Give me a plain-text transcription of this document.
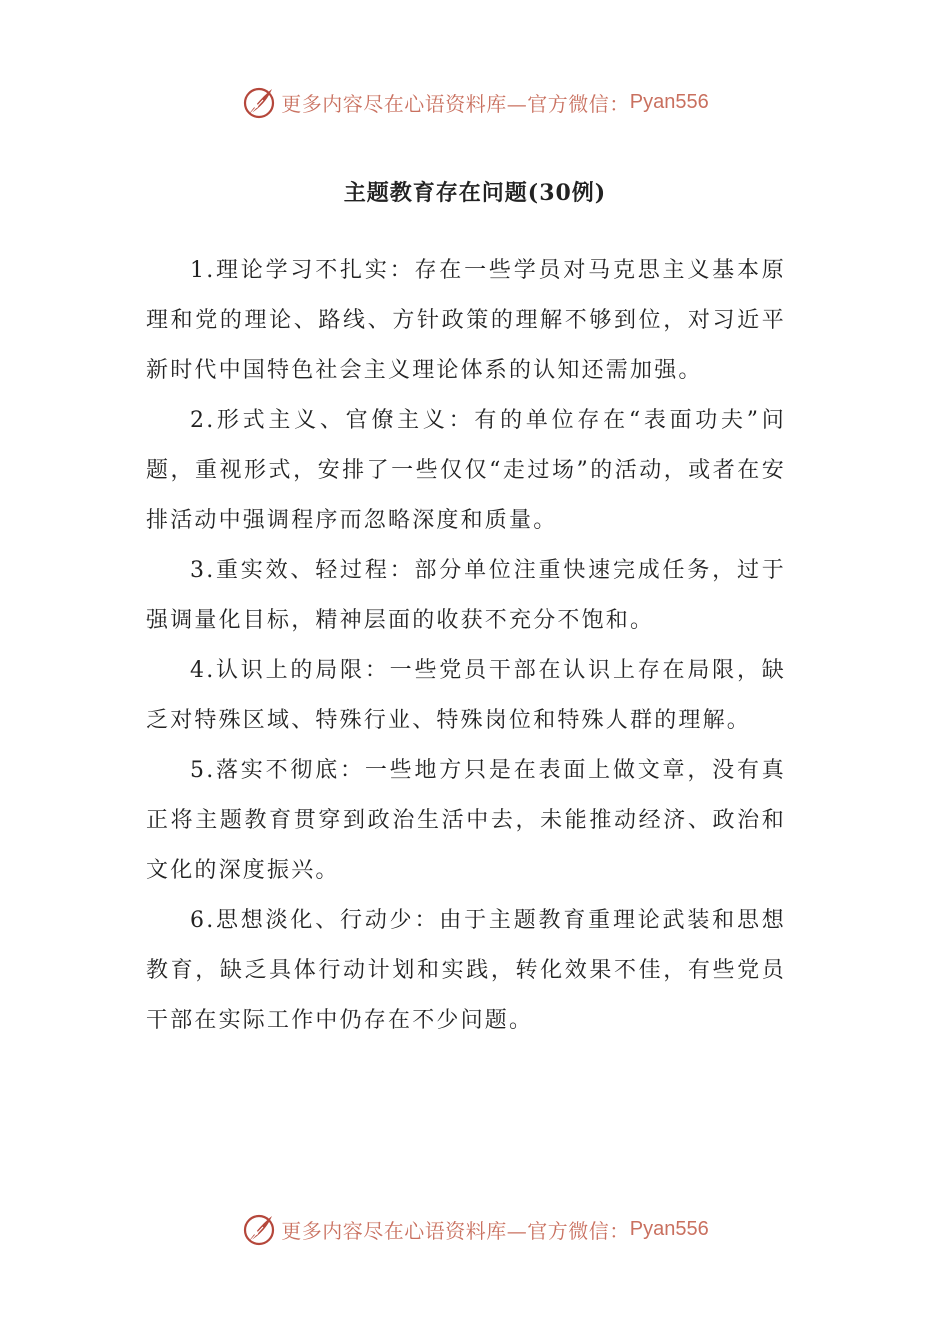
更多内容尽在心语资料库—官方微信： Pyan556
主题教育存在问题(30例)

1.理论学习不扎实：存在一些学员对马克思主义基本原理和党的理论、路线、方针政策的理解不够到位，对习近平新时代中国特色社会主义理论体系的认知还需加强。

2.形式主义、官僚主义：有的单位存在“表面功夫”问题，重视形式，安排了一些仅仅“走过场”的活动，或者在安排活动中强调程序而忽略深度和质量。

3.重实效、轻过程：部分单位注重快速完成任务，过于强调量化目标，精神层面的收获不充分不饱和。

4.认识上的局限：一些党员干部在认识上存在局限，缺乏对特殊区域、特殊行业、特殊岗位和特殊人群的理解。

5.落实不彻底：一些地方只是在表面上做文章，没有真正将主题教育贯穿到政治生活中去，未能推动经济、政治和文化的深度振兴。

6.思想淡化、行动少：由于主题教育重理论武装和思想教育，缺乏具体行动计划和实践，转化效果不佳，有些党员干部在实际工作中仍存在不少问题。

更多内容尽在心语资料库—官方微信： Pyan556
